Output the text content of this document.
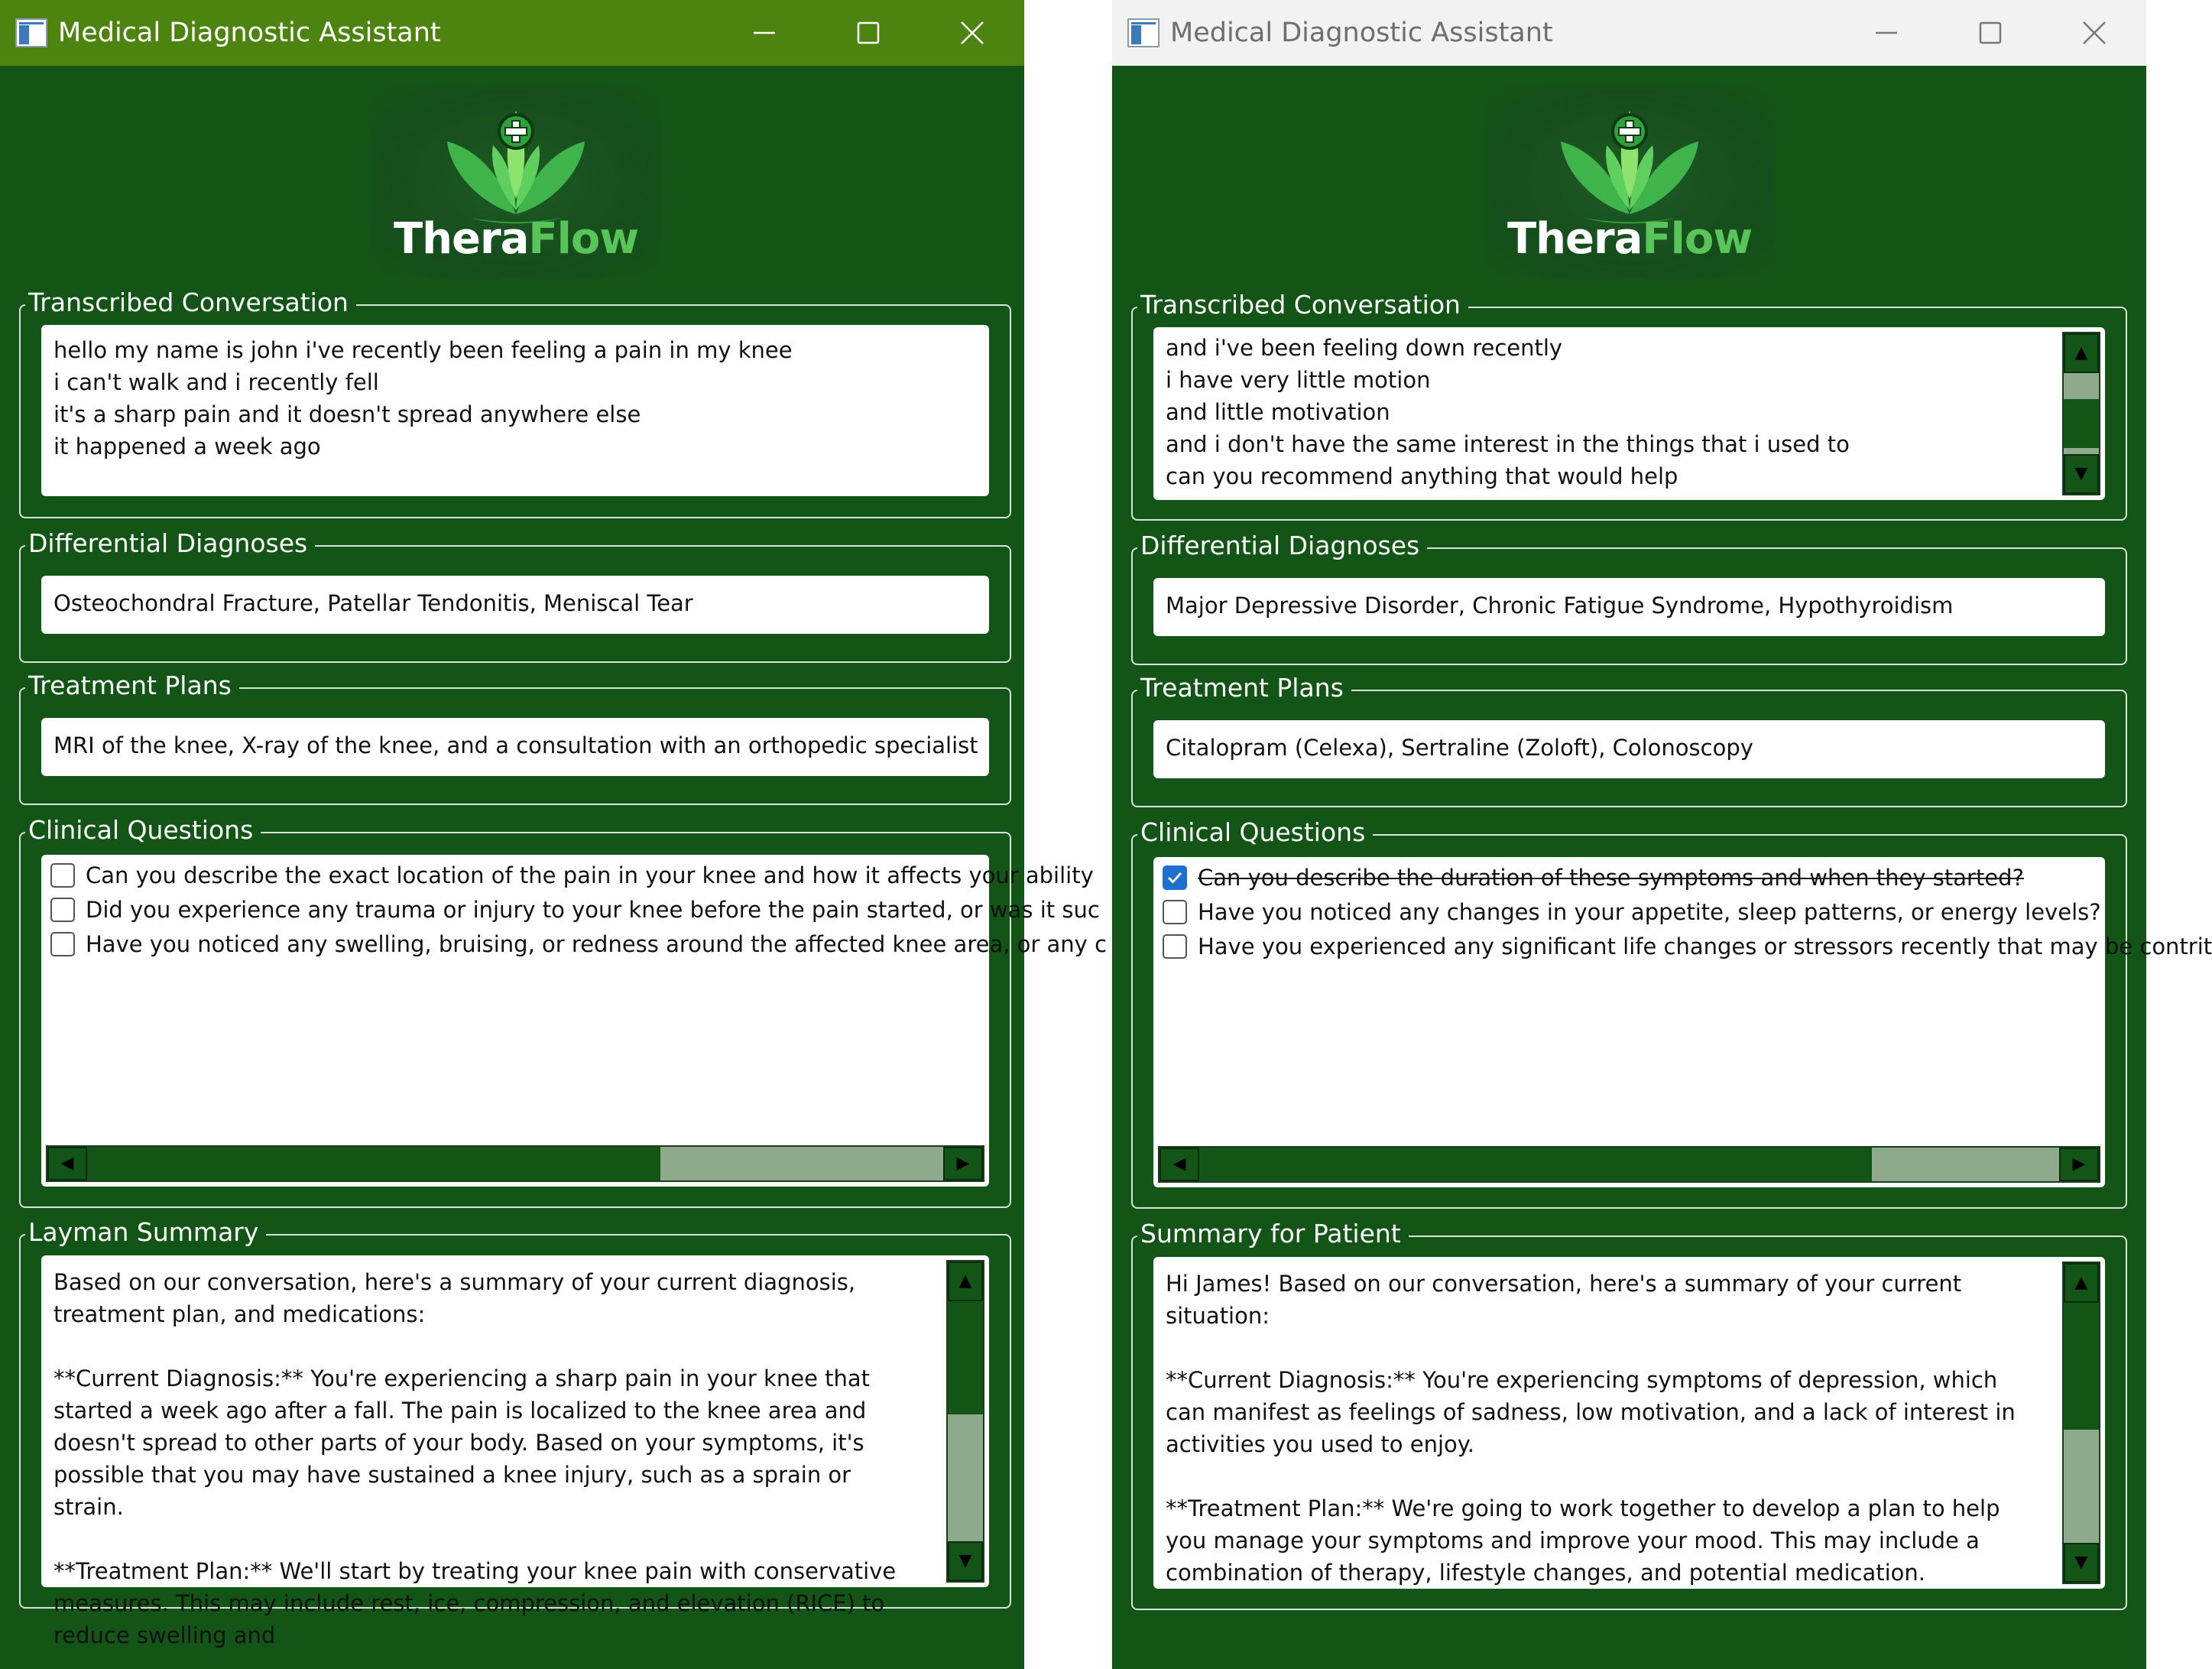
Medical Diagnostic Assistant
TheraFlow
Transcribed Conversation
hello my name is john i've recently been feeling a pain in my knee
i can't walk and i recently fell
it's a sharp pain and it doesn't spread anywhere else
it happened a week ago
Differential Diagnoses
Osteochondral Fracture, Patellar Tendonitis, Meniscal Tear
Treatment Plans
MRI of the knee, X-ray of the knee, and a consultation with an orthopedic specialist
Clinical Questions
Can you describe the exact location of the pain in your knee and how it affects your ability
Did you experience any trauma or injury to your knee before the pain started, or was it suc
Have you noticed any swelling, bruising, or redness around the affected knee area, or any c
◀	▶
Layman Summary
Based on our conversation, here's a summary of your current diagnosis, treatment plan, and medications:

**Current Diagnosis:** You're experiencing a sharp pain in your knee that started a week ago after a fall. The pain is localized to the knee area and doesn't spread to other parts of your body. Based on your symptoms, it's possible that you may have sustained a knee injury, such as a sprain or strain.

**Treatment Plan:** We'll start by treating your knee pain with conservative measures. This may include rest, ice, compression, and elevation (RICE) to reduce swelling and
▲
▼
Medical Diagnostic Assistant
TheraFlow
Transcribed Conversation
and i've been feeling down recently
i have very little motion
and little motivation
and i don't have the same interest in the things that i used to
can you recommend anything that would help
▲
▼
Differential Diagnoses
Major Depressive Disorder, Chronic Fatigue Syndrome, Hypothyroidism
Treatment Plans
Citalopram (Celexa), Sertraline (Zoloft), Colonoscopy
Clinical Questions
Can you describe the duration of these symptoms and when they started?
Have you noticed any changes in your appetite, sleep patterns, or energy levels?
Have you experienced any significant life changes or stressors recently that may be contrit
◀	▶
Summary for Patient
Hi James! Based on our conversation, here's a summary of your current situation:

**Current Diagnosis:** You're experiencing symptoms of depression, which can manifest as feelings of sadness, low motivation, and a lack of interest in activities you used to enjoy.

**Treatment Plan:** We're going to work together to develop a plan to help you manage your symptoms and improve your mood. This may include a combination of therapy, lifestyle changes, and potential medication.
▲
▼
